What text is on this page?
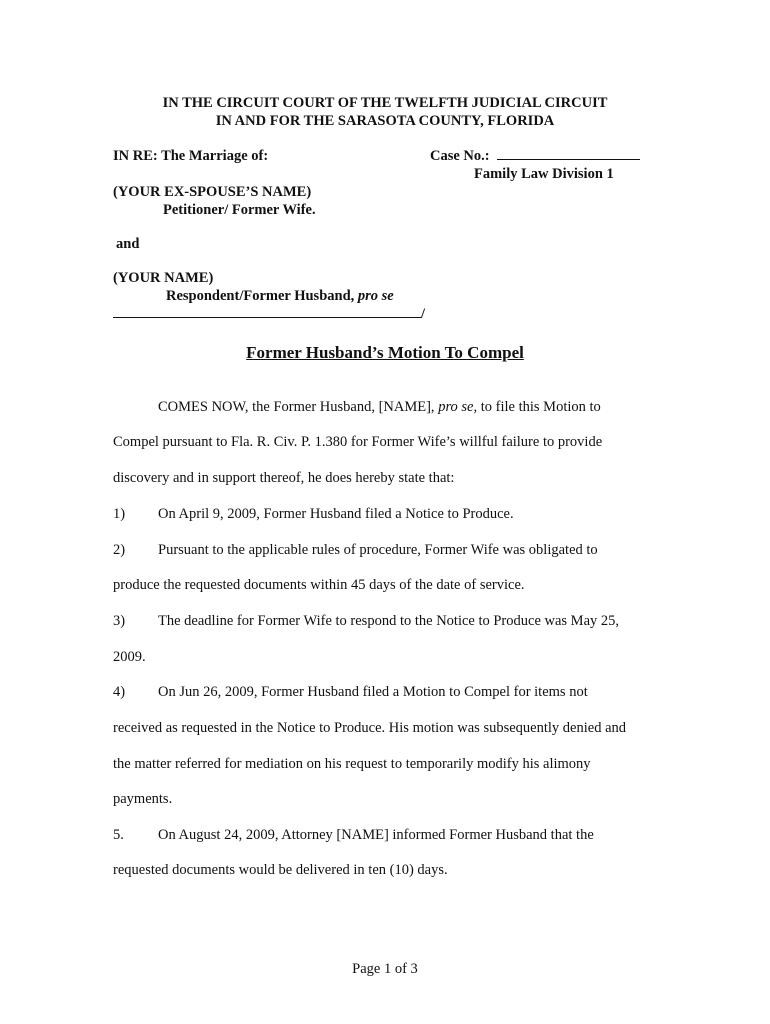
IN THE CIRCUIT COURT OF THE TWELFTH JUDICIAL CIRCUIT
IN AND FOR THE SARASOTA COUNTY, FLORIDA
IN RE: The Marriage of:	Case No.:
Family Law Division 1
(YOUR EX-SPOUSE’S NAME)
Petitioner/ Former Wife.
and
(YOUR NAME)
Respondent/Former Husband, pro se
/
Former Husband’s Motion To Compel
COMES NOW, the Former Husband, [NAME], pro se, to file this Motion to
Compel pursuant to Fla. R. Civ. P. 1.380 for Former Wife’s willful failure to provide
discovery and in support thereof, he does hereby state that:
1) On April 9, 2009, Former Husband filed a Notice to Produce.
2) Pursuant to the applicable rules of procedure, Former Wife was obligated to
produce the requested documents within 45 days of the date of service.
3) The deadline for Former Wife to respond to the Notice to Produce was May 25,
2009.
4) On Jun 26, 2009, Former Husband filed a Motion to Compel for items not
received as requested in the Notice to Produce. His motion was subsequently denied and
the matter referred for mediation on his request to temporarily modify his alimony
payments.
5. On August 24, 2009, Attorney [NAME] informed Former Husband that the
requested documents would be delivered in ten (10) days.
Page 1 of 3
